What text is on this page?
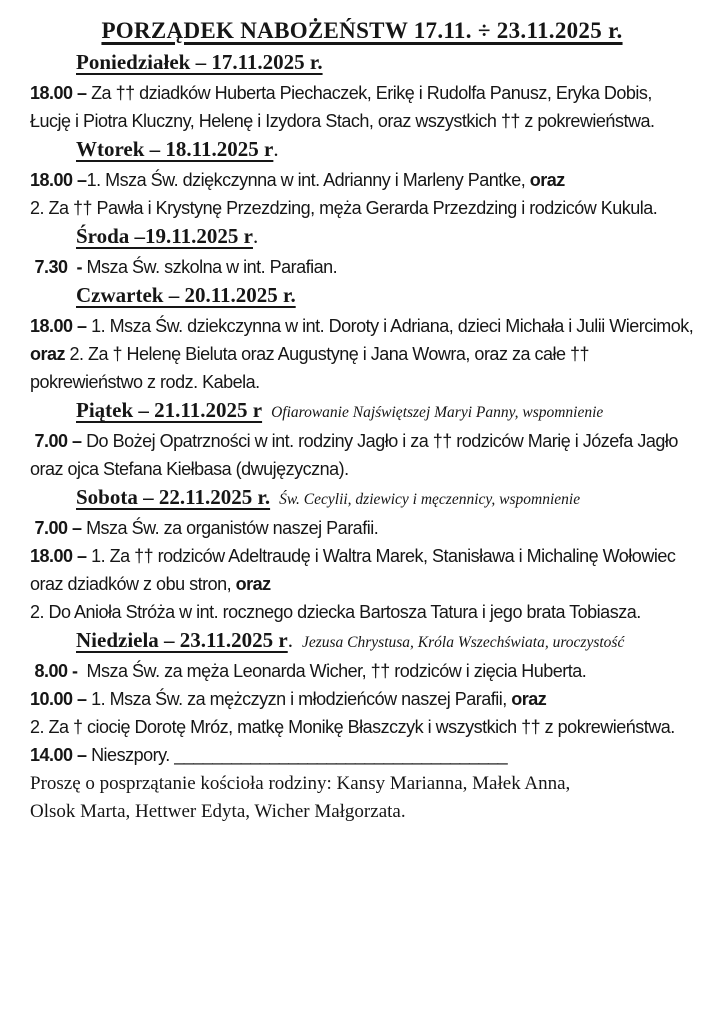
PORZĄDEK NABOŻEŃSTW 17.11. ÷ 23.11.2025 r.
Poniedziałek – 17.11.2025 r.

18.00 – Za †† dziadków Huberta Piechaczek, Erikę i Rudolfa Panusz, Eryka Dobis, Łucję i Piotra Kluczny, Helenę i Izydora Stach, oraz wszystkich †† z pokrewieństwa.

Wtorek – 18.11.2025 r.

18.00 –1. Msza Św. dziękczynna w int. Adrianny i Marleny Pantke, oraz

2. Za †† Pawła i Krystynę Przezdzing, męża Gerarda Przezdzing i rodziców Kukula.

Środa –19.11.2025 r.

7.30  - Msza Św. szkolna w int. Parafian.

Czwartek – 20.11.2025 r.

18.00 – 1. Msza Św. dziekczynna w int. Doroty i Adriana, dzieci Michała i Julii Wiercimok, oraz 2. Za † Helenę Bieluta oraz Augustynę i Jana Wowra, oraz za całe †† pokrewieństwo z rodz. Kabela.

Piątek – 21.11.2025 r Ofiarowanie Najświętszej Maryi Panny, wspomnienie

7.00 – Do Bożej Opatrzności w int. rodziny Jagło i za †† rodziców Marię i Józefa Jagło oraz ojca Stefana Kiełbasa (dwujęzyczna).

Sobota – 22.11.2025 r. Św. Cecylii, dziewicy i męczennicy, wspomnienie

7.00 – Msza Św. za organistów naszej Parafii.

18.00 – 1. Za †† rodziców Adeltraudę i Waltra Marek, Stanisława i Michalinę Wołowiec oraz dziadków z obu stron, oraz

2. Do Anioła Stróża w int. rocznego dziecka Bartosza Tatura i jego brata Tobiasza.

Niedziela – 23.11.2025 r. Jezusa Chrystusa, Króla Wszechświata, uroczystość

8.00 -  Msza Św. za męża Leonarda Wicher, †† rodziców i zięcia Huberta.

10.00 – 1. Msza Św. za mężczyzn i młodzieńców naszej Parafii, oraz

2. Za † ciocię Dorotę Mróz, matkę Monikę Błaszczyk i wszystkich †† z pokrewieństwa.

14.00 – Nieszpory. ___________________________________

Proszę o posprzątanie kościoła rodziny: Kansy Marianna, Małek Anna,
Olsok Marta, Hettwer Edyta, Wicher Małgorzata.
